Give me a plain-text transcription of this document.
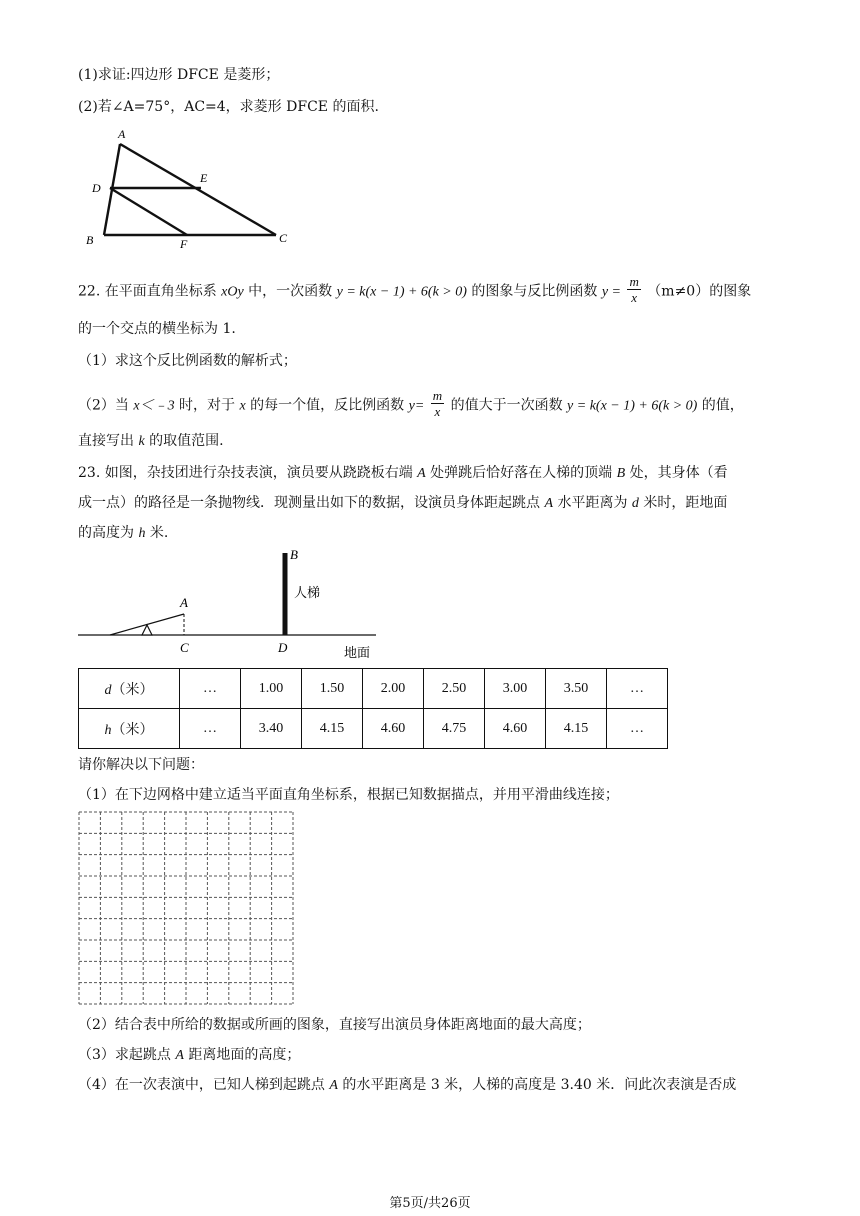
(1)求证:四边形 DFCE 是菱形；
(2)若∠A=75°，AC=4，求菱形 DFCE 的面积.
A
D
E
B	F	C
22. 在平面直角坐标系 xOy 中，一次函数 y = k(x − 1) + 6(k > 0) 的图象与反比例函数 $y = \frac{m}{x} (m\ne 0)$的图象
的一个交点的横坐标为 1.
（1）求这个反比例函数的解析式；
（2）当 x＜﹣3 时，对于 x 的每一个值，反比例函数 $y= \frac{m}{x}$ 的值大于一次函数 y = k(x − 1) + 6(k > 0) 的值，
直接写出 k 的取值范围.
23. 如图，杂技团进行杂技表演，演员要从跷跷板右端 A 处弹跳后恰好落在人梯的顶端 B 处，其身体（看
成一点）的路径是一条抛物线．现测量出如下的数据，设演员身体距起跳点 A 水平距离为 d 米时，距地面
的高度为 h 米.
A
C
B
D
人梯
地面
d（米）	…	1.00	1.50	2.00	2.50	3.00	3.50	…
h（米）	…	3.40	4.15	4.60	4.75	4.60	4.15	…
请你解决以下问题：
（1）在下边网格中建立适当平面直角坐标系，根据已知数据描点，并用平滑曲线连接；
（2）结合表中所给的数据或所画的图象，直接写出演员身体距离地面的最大高度；
（3）求起跳点 A 距离地面的高度；
（4）在一次表演中，已知人梯到起跳点 A 的水平距离是 3 米，人梯的高度是 3.40 米．问此次表演是否成
第5页/共26页
